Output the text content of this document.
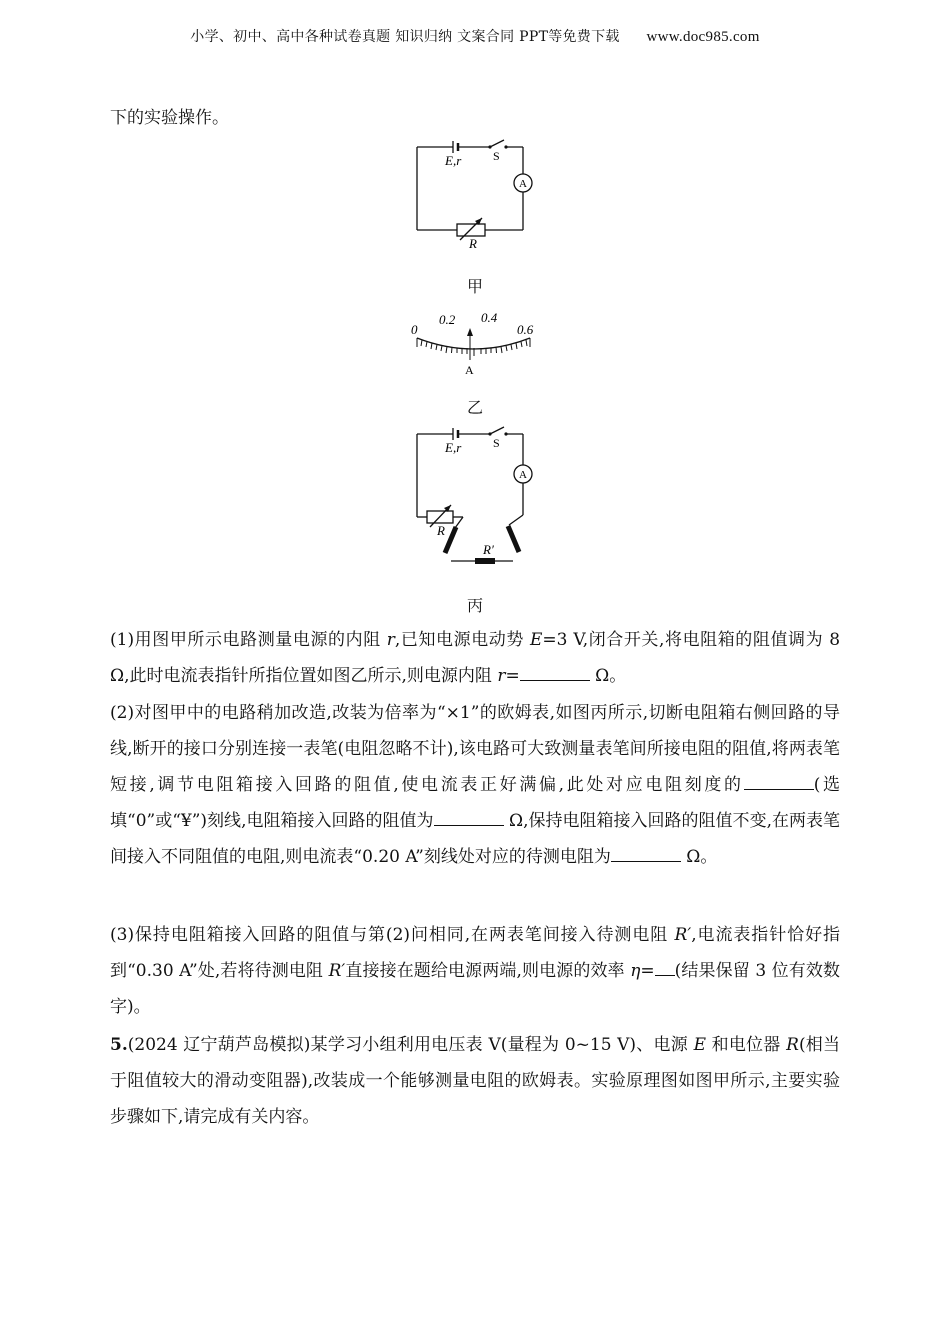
小学、初中、高中各种试卷真题 知识归纳 文案合同 PPT等免费下载 www.doc985.com
下的实验操作。
A
E,r	S
R
甲
0
0.2 0.4
0.6
A
乙
A
E,r	S
R
R′
丙
(1)用图甲所示电路测量电源的内阻 r,已知电源电动势 E=3 V,闭合开关,将电阻箱的阻值调为 8 Ω,此时电流表指针所指位置如图乙所示,则电源内阻 r=	Ω。
(2)对图甲中的电路稍加改造,改装为倍率为“×1”的欧姆表,如图丙所示,切断电阻箱右侧回路的导线,断开的接口分别连接一表笔(电阻忽略不计),该电路可大致测量表笔间所接电阻的阻值,将两表笔短接,调节电阻箱接入回路的阻值,使电流表正好满偏,此处对应电阻刻度的	(选填“0”或“¥”)刻线,电阻箱接入回路的阻值为	Ω,保持电阻箱接入回路的阻值不变,在两表笔间接入不同阻值的电阻,则电流表“0.20 A”刻线处对应的待测电阻为	Ω。
(3)保持电阻箱接入回路的阻值与第(2)问相同,在两表笔间接入待测电阻 R′,电流表指针恰好指到“0.30 A”处,若将待测电阻 R′直接接在题给电源两端,则电源的效率 η= (结果保留 3 位有效数字)。
5.(2024 辽宁葫芦岛模拟)某学习小组利用电压表 V(量程为 0~15 V)、电源 E 和电位器 R(相当于阻值较大的滑动变阻器),改装成一个能够测量电阻的欧姆表。实验原理图如图甲所示,主要实验步骤如下,请完成有关内容。
